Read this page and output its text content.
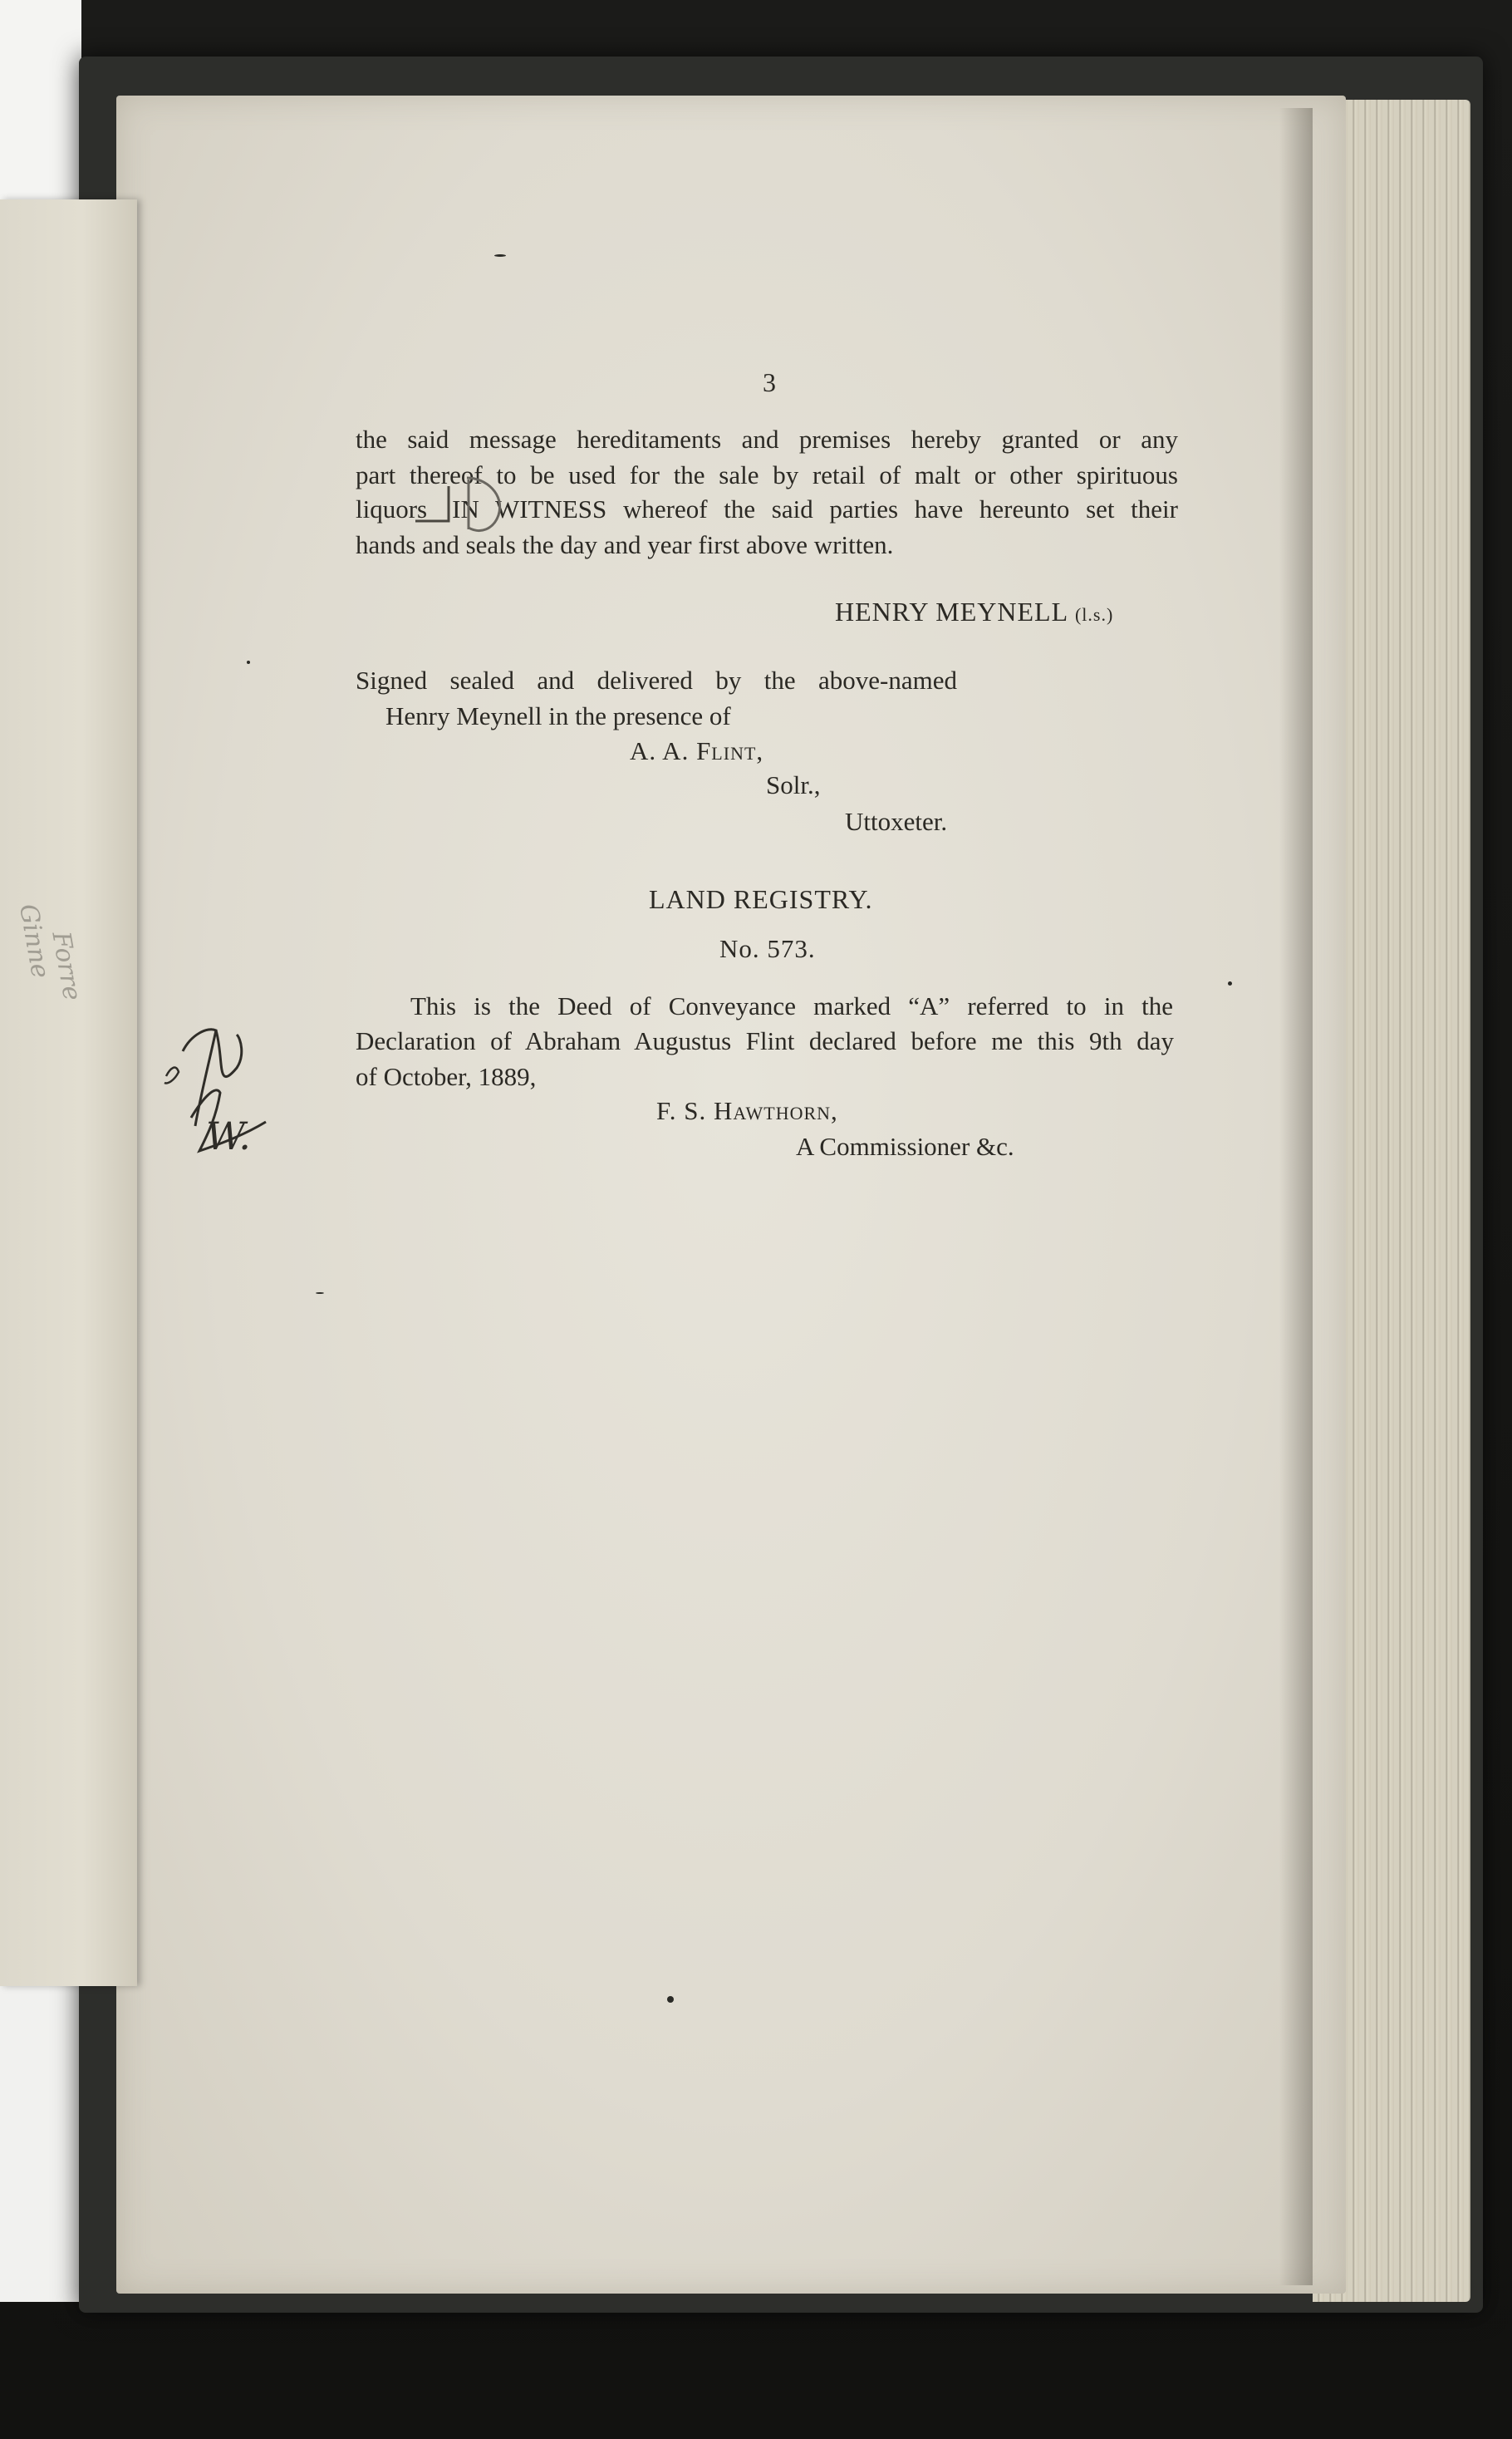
Forre
Ginne
3
the said message hereditaments and premises hereby granted or any
part thereof to be used for the sale by retail of malt or other spirituous
liquors IN WITNESS whereof the said parties have hereunto set their
hands and seals the day and year first above written.
HENRY MEYNELL (l.s.)
Signed sealed and delivered by the above-named
Henry Meynell in the presence of
A. A. Flint,
Solr.,
Uttoxeter.
LAND REGISTRY.
No. 573.
This is the Deed of Conveyance marked “A” referred to in the
Declaration of Abraham Augustus Flint declared before me this 9th day
of October, 1889,
F. S. Hawthorn,
A Commissioner &c.
W.
